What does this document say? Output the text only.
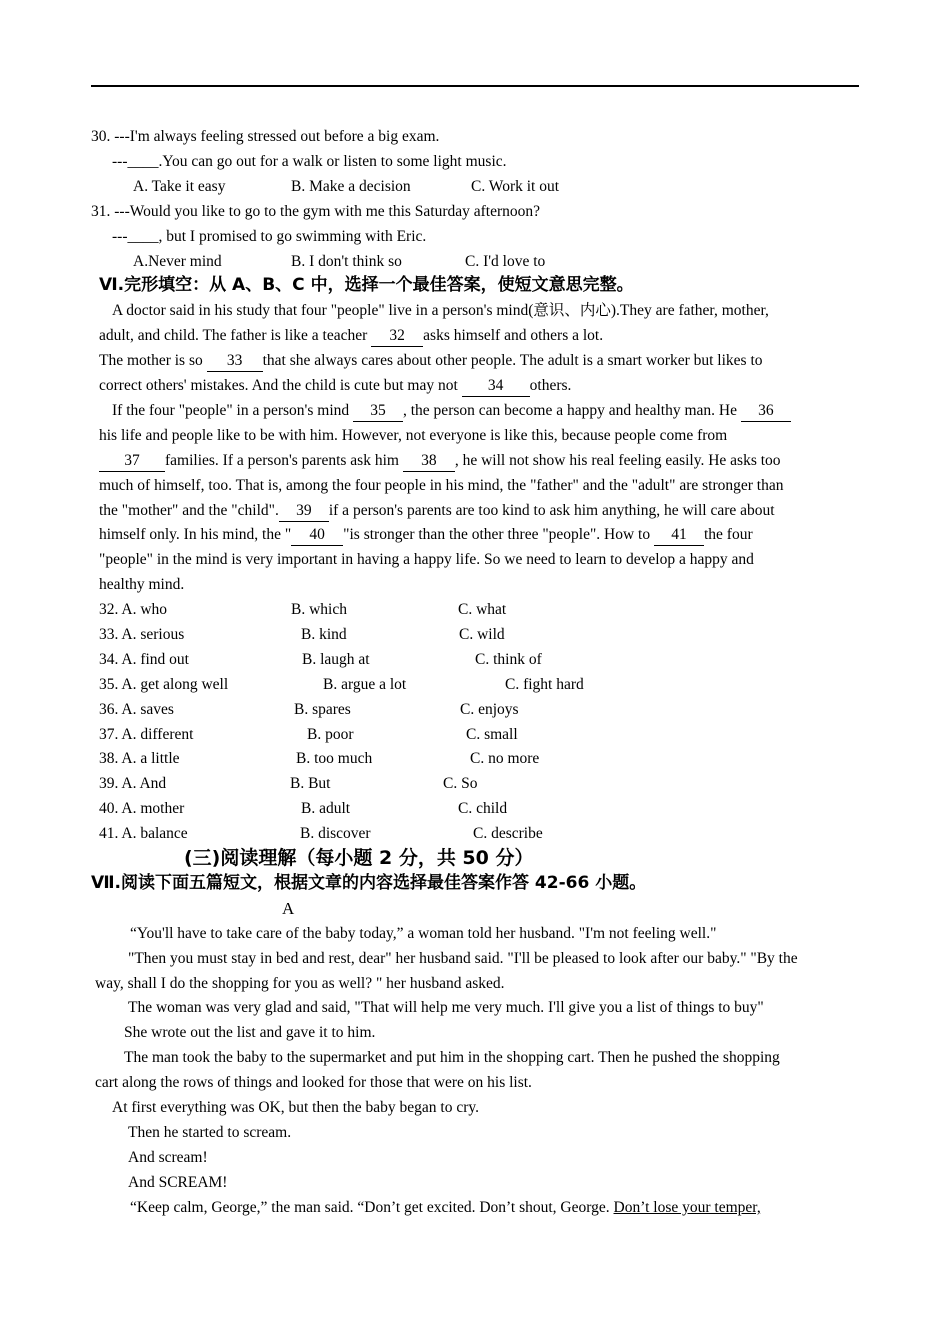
30. ---I'm always feeling stressed out before a big exam.
---____.You can go out for a walk or listen to some light music.
A. Take it easy	B. Make a decision	C. Work it out
31. ---Would you like to go to the gym with me this Saturday afternoon?
---____, but I promised to go swimming with Eric.
A.Never mind	B. I don't think so	C. I'd love to
Ⅵ.完形填空：从 A、B、C 中，选择一个最佳答案，使短文意思完整。
A doctor said in his study that four "people" live in a person's mind(意识、内心).They are father, mother,
adult, and child. The father is like a teacher 32 asks himself and others a lot.
The mother is so 33 that she always cares about other people. The adult is a smart worker but likes to
correct others' mistakes. And the child is cute but may not 34 others.
If the four "people" in a person's mind 35 , the person can become a happy and healthy man. He 36
his life and people like to be with him. However, not everyone is like this, because people come from
37 families. If a person's parents ask him 38 , he will not show his real feeling easily. He asks too
much of himself, too. That is, among the four people in his mind, the "father" and the "adult" are stronger than
the "mother" and the "child". 39 if a person's parents are too kind to ask him anything, he will care about
himself only. In his mind, the " 40 "is stronger than the other three "people". How to 41 the four
"people" in the mind is very important in having a happy life. So we need to learn to develop a happy and
healthy mind.
32. A. who	B. which	C. what
33. A. serious	B. kind	C. wild
34. A. find out	B. laugh at	C. think of
35. A. get along well	B. argue a lot	C. fight hard
36. A. saves	B. spares	C. enjoys
37. A. different	B. poor	C. small
38. A. a little	B. too much	C. no more
39. A. And	B. But	C. So
40. A. mother	B. adult	C. child
41. A. balance	B. discover	C. describe
(三)阅读理解（每小题 2 分，共 50 分）
Ⅶ.阅读下面五篇短文，根据文章的内容选择最佳答案作答 42-66 小题。
A
“You'll have to take care of the baby today,” a woman told her husband. "I'm not feeling well."
"Then you must stay in bed and rest, dear" her husband said. "I'll be pleased to look after our baby." "By the
way, shall I do the shopping for you as well? " her husband asked.
The woman was very glad and said, "That will help me very much. I'll give you a list of things to buy"
She wrote out the list and gave it to him.
The man took the baby to the supermarket and put him in the shopping cart. Then he pushed the shopping
cart along the rows of things and looked for those that were on his list.
At first everything was OK, but then the baby began to cry.
Then he started to scream.
And scream!
And SCREAM!
“Keep calm, George,” the man said. “Don’t get excited. Don’t shout, George. Don’t lose your temper,
